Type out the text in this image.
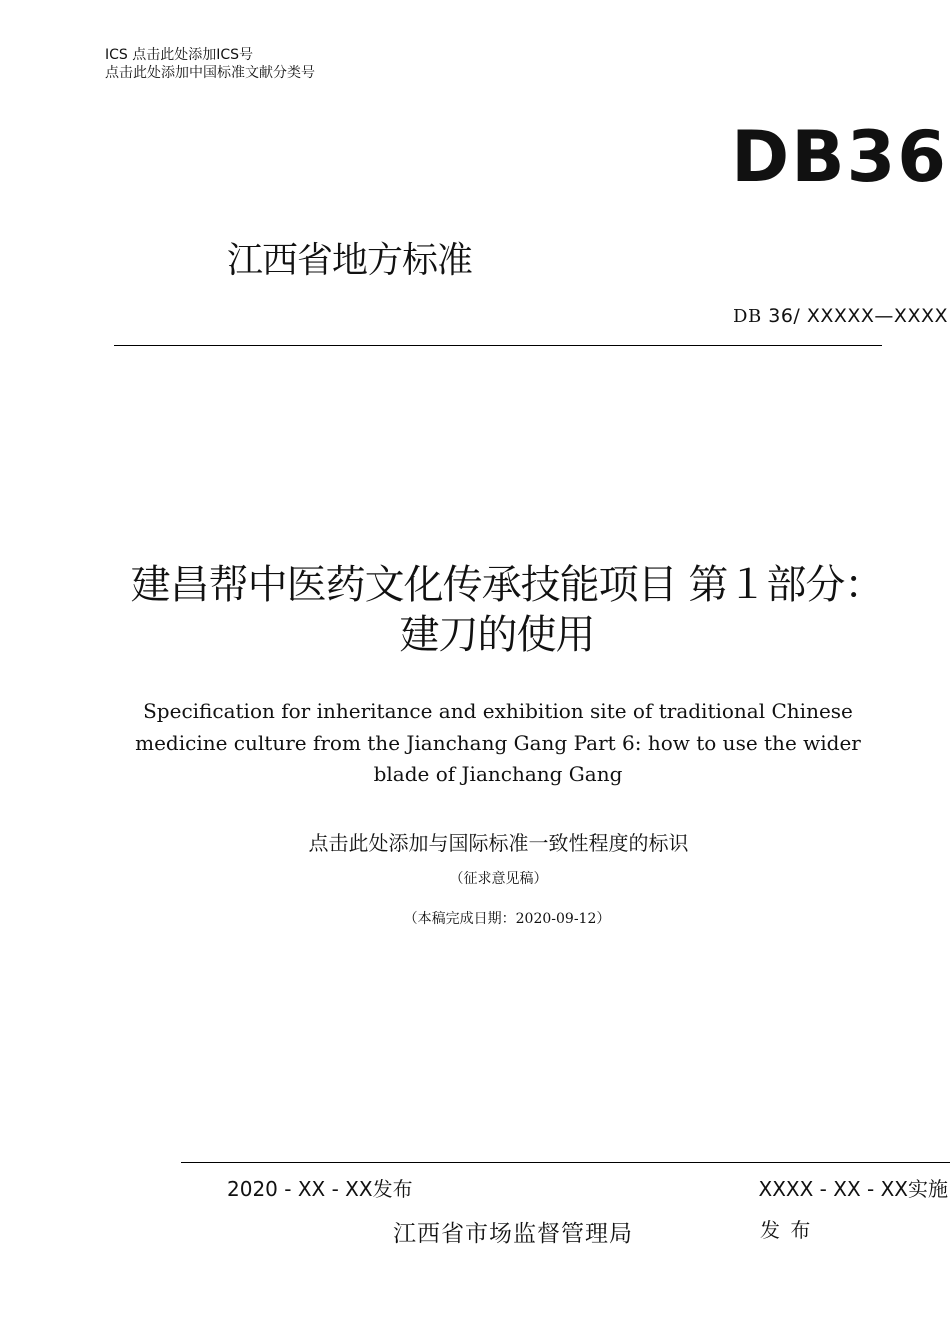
ICS 点击此处添加ICS号
点击此处添加中国标准文献分类号
DB36
江西省地方标准
DB 36/ XXXXX—XXXX
建昌帮中医药文化传承技能项目 第１部分：
建刀的使用
Specification for inheritance and exhibition site of traditional Chinese medicine culture from the Jianchang Gang Part 6: how to use the wider blade of Jianchang Gang
点击此处添加与国际标准一致性程度的标识
（征求意见稿）
（本稿完成日期：2020-09-12）
2020 - XX - XX发布	XXXX - XX - XX实施
江西省市场监督管理局	发 布
